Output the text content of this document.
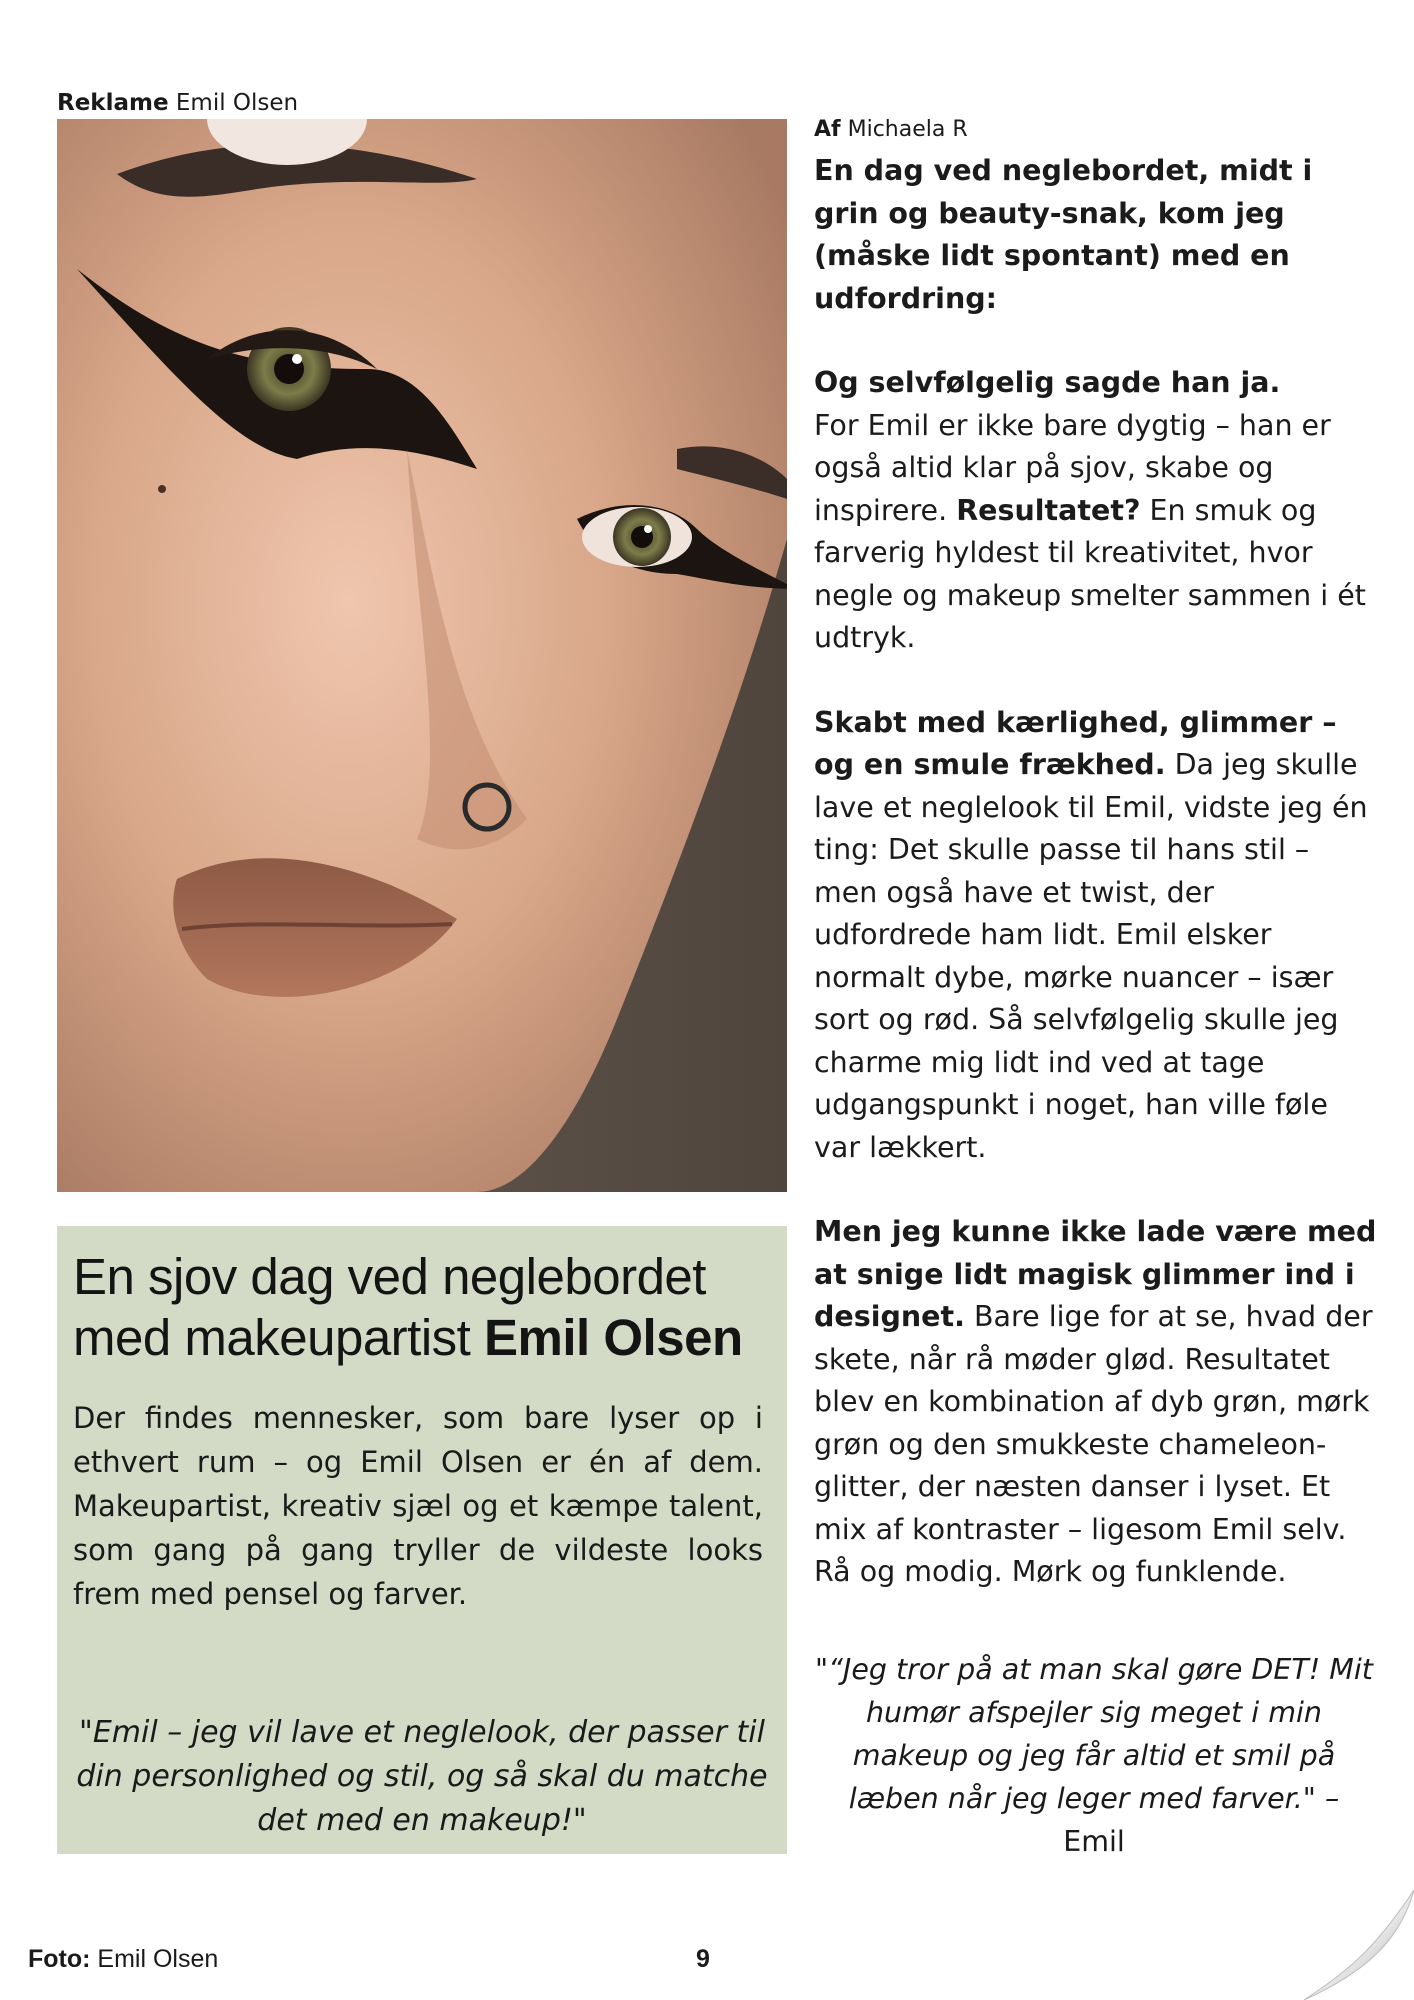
Reklame Emil Olsen
En sjov dag ved neglebordet
med makeupartist Emil Olsen
Der findes mennesker, som bare lyser op i ethvert rum – og Emil Olsen er én af dem. Makeupartist, kreativ sjæl og et kæmpe talent, som gang på gang tryller de vildeste looks frem med pensel og farver.
"Emil – jeg vil lave et neglelook, der passer til din personlighed og stil, og så skal du matche det med en makeup!"
Af Michaela R

En dag ved neglebordet, midt i grin og beauty-snak, kom jeg (måske lidt spontant) med en udfordring:

Og selvfølgelig sagde han ja.
For Emil er ikke bare dygtig – han er også altid klar på sjov, skabe og inspirere. Resultatet? En smuk og farverig hyldest til kreativitet, hvor negle og makeup smelter sammen i ét udtryk.

Skabt med kærlighed, glimmer – og en smule frækhed. Da jeg skulle lave et neglelook til Emil, vidste jeg én ting: Det skulle passe til hans stil – men også have et twist, der udfordrede ham lidt. Emil elsker normalt dybe, mørke nuancer – især sort og rød. Så selvfølgelig skulle jeg charme mig lidt ind ved at tage udgangspunkt i noget, han ville føle var lækkert.

Men jeg kunne ikke lade være med at snige lidt magisk glimmer ind i designet. Bare lige for at se, hvad der skete, når rå møder glød. Resultatet blev en kombination af dyb grøn, mørk grøn og den smukkeste chameleon-glitter, der næsten danser i lyset. Et mix af kontraster – ligesom Emil selv. Rå og modig. Mørk og funklende.

"“Jeg tror på at man skal gøre DET! Mit humør afspejler sig meget i min makeup og jeg får altid et smil på læben når jeg leger med farver." –
Emil
Foto: Emil Olsen	9
